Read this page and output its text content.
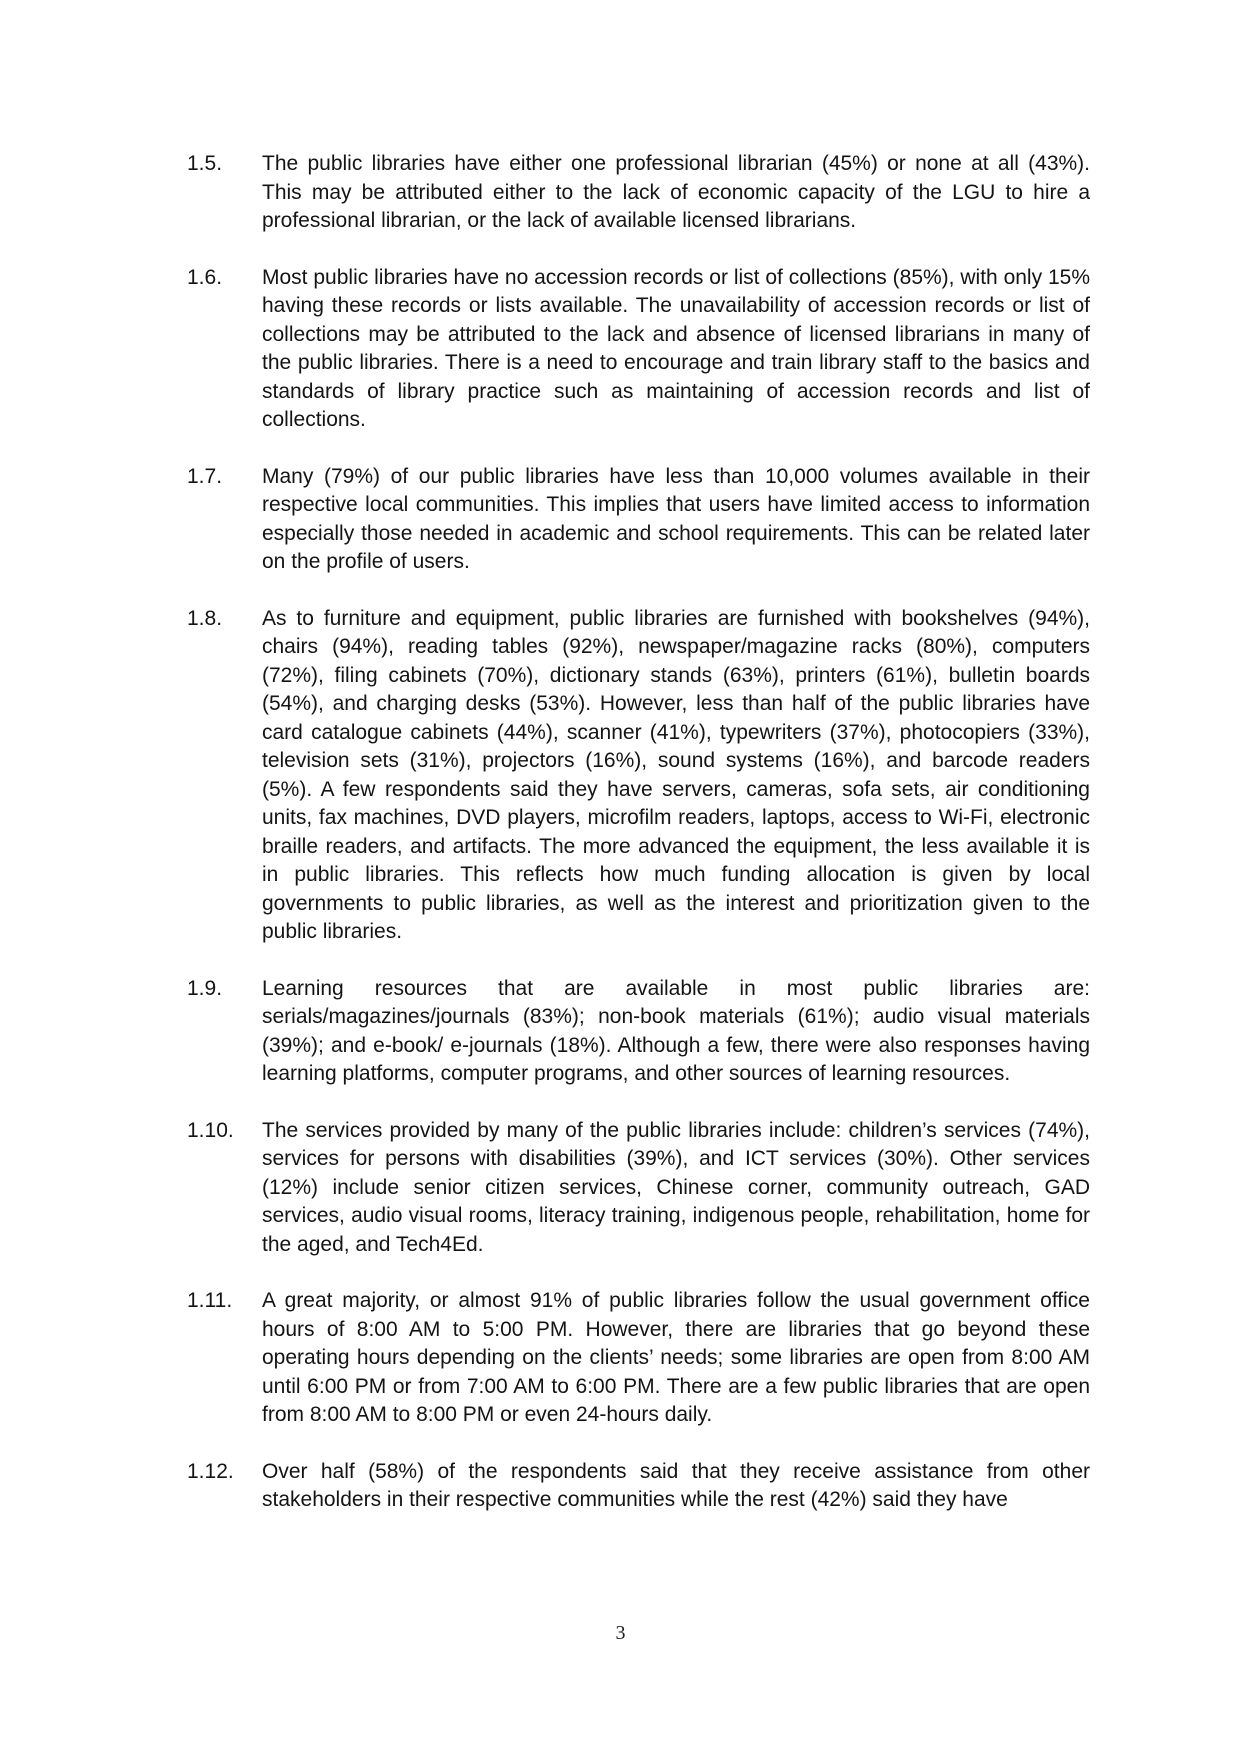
1.5.	The public libraries have either one professional librarian (45%) or none at all (43%). This may be attributed either to the lack of economic capacity of the LGU to hire a professional librarian, or the lack of available licensed librarians.

1.6.	Most public libraries have no accession records or list of collections (85%), with only 15% having these records or lists available. The unavailability of accession records or list of collections may be attributed to the lack and absence of licensed librarians in many of the public libraries. There is a need to encourage and train library staff to the basics and standards of library practice such as maintaining of accession records and list of collections.

1.7.	Many (79%) of our public libraries have less than 10,000 volumes available in their respective local communities. This implies that users have limited access to information especially those needed in academic and school requirements. This can be related later on the profile of users.

1.8.	As to furniture and equipment, public libraries are furnished with bookshelves (94%), chairs (94%), reading tables (92%), newspaper/magazine racks (80%), computers (72%), filing cabinets (70%), dictionary stands (63%), printers (61%), bulletin boards (54%), and charging desks (53%). However, less than half of the public libraries have card catalogue cabinets (44%), scanner (41%), typewriters (37%), photocopiers (33%), television sets (31%), projectors (16%), sound systems (16%), and barcode readers (5%). A few respondents said they have servers, cameras, sofa sets, air conditioning units, fax machines, DVD players, microfilm readers, laptops, access to Wi-Fi, electronic braille readers, and artifacts. The more advanced the equipment, the less available it is in public libraries. This reflects how much funding allocation is given by local governments to public libraries, as well as the interest and prioritization given to the public libraries.

1.9.	Learning resources that are available in most public libraries are: serials/magazines/journals (83%); non-book materials (61%); audio visual materials (39%); and e-book/ e-journals (18%). Although a few, there were also responses having learning platforms, computer programs, and other sources of learning resources.

1.10.	The services provided by many of the public libraries include: children’s services (74%), services for persons with disabilities (39%), and ICT services (30%). Other services (12%) include senior citizen services, Chinese corner, community outreach, GAD services, audio visual rooms, literacy training, indigenous people, rehabilitation, home for the aged, and Tech4Ed.

1.11.	A great majority, or almost 91% of public libraries follow the usual government office hours of 8:00 AM to 5:00 PM. However, there are libraries that go beyond these operating hours depending on the clients’ needs; some libraries are open from 8:00 AM until 6:00 PM or from 7:00 AM to 6:00 PM. There are a few public libraries that are open from 8:00 AM to 8:00 PM or even 24-hours daily.

1.12.	Over half (58%) of the respondents said that they receive assistance from other stakeholders in their respective communities while the rest (42%) said they have

3
